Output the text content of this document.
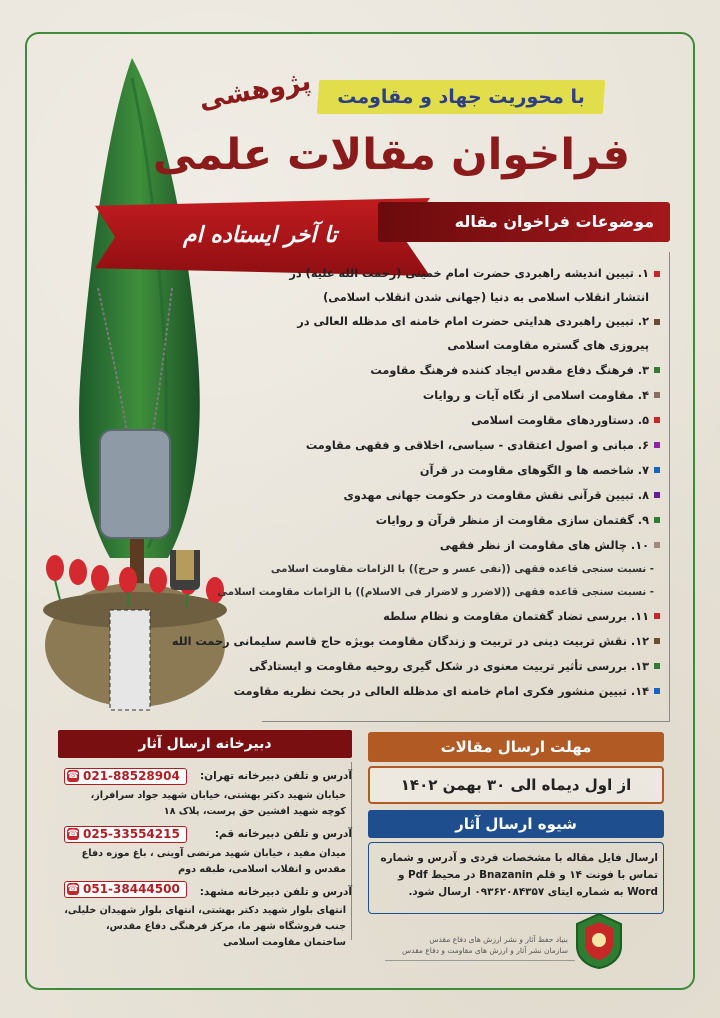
با محوریت جهاد و مقاومت
پژوهشی
فراخوان مقالات علمی
تا آخر ایستاده ام
موضوعات فراخوان مقاله
۱. تبیین اندیشه راهبردی حضرت امام خمینی (رحمت الله علیه) در انتشار انقلاب اسلامی به دنیا (جهانی شدن انقلاب اسلامی)
۲. تبیین راهبردی هدایتی حضرت امام خامنه ای مدظله العالی در پیروزی های گستره مقاومت اسلامی
۳. فرهنگ دفاع مقدس ایجاد کننده فرهنگ مقاومت
۴. مقاومت اسلامی از نگاه آیات و روایات
۵. دستاوردهای مقاومت اسلامی
۶. مبانی و اصول اعتقادی - سیاسی، اخلاقی و فقهی مقاومت
۷. شاخصه ها و الگوهای مقاومت در قرآن
۸. تبیین قرآنی نقش مقاومت در حکومت جهانی مهدوی
۹. گفتمان سازی مقاومت از منظر قرآن و روایات
۱۰. چالش های مقاومت از نظر فقهی
- نسبت سنجی قاعده فقهی ((نفی عسر و حرج)) با الزامات مقاومت اسلامی
- نسبت سنجی قاعده فقهی ((لاضرر و لاضرار فی الاسلام)) با الزامات مقاومت اسلامی
۱۱. بررسی تضاد گفتمان مقاومت و نظام سلطه
۱۲. نقش تربیت دینی در تربیت و زندگان مقاومت بویژه حاج قاسم سلیمانی رحمت الله
۱۳. بررسی تأثیر تربیت معنوی در شکل گیری روحیه مقاومت و ایستادگی
۱۴. تبیین منشور فکری امام خامنه ای مدظله العالی در بحث نظریه مقاومت
دبیرخانه ارسال آثار
آدرس و تلفن دبیرخانه تهران:
☎ 021-88528904
خیابان شهید دکتر بهشتی، خیابان شهید جواد سرافراز، کوچه شهید افشین حق پرست، پلاک ۱۸
آدرس و تلفن دبیرخانه قم:
☎ 025-33554215
میدان مفید ، خیابان شهید مرتضی آوینی ، باغ موزه دفاع مقدس و انقلاب اسلامی، طبقه دوم
آدرس و تلفن دبیرخانه مشهد:
☎ 051-38444500
انتهای بلوار شهید دکتر بهشتی، انتهای بلوار شهیدان خلیلی، جنب فروشگاه شهر ما، مرکز فرهنگی دفاع مقدس، ساختمان مقاومت اسلامی
مهلت ارسال مقالات
از اول دیماه الی ۳۰ بهمن ۱۴۰۲
شیوه ارسال آثار
ارسال فایل مقاله با مشخصات فردی و آدرس و شماره تماس با فونت ۱۴ و قلم Bnazanin در محیط Pdf و Word به شماره ایتای ۰۹۳۶۲۰۸۴۳۵۷ ارسال شود.
بنیاد حفظ آثار و نشر ارزش های دفاع مقدس
سازمان نشر آثار و ارزش های مقاومت و دفاع مقدس
